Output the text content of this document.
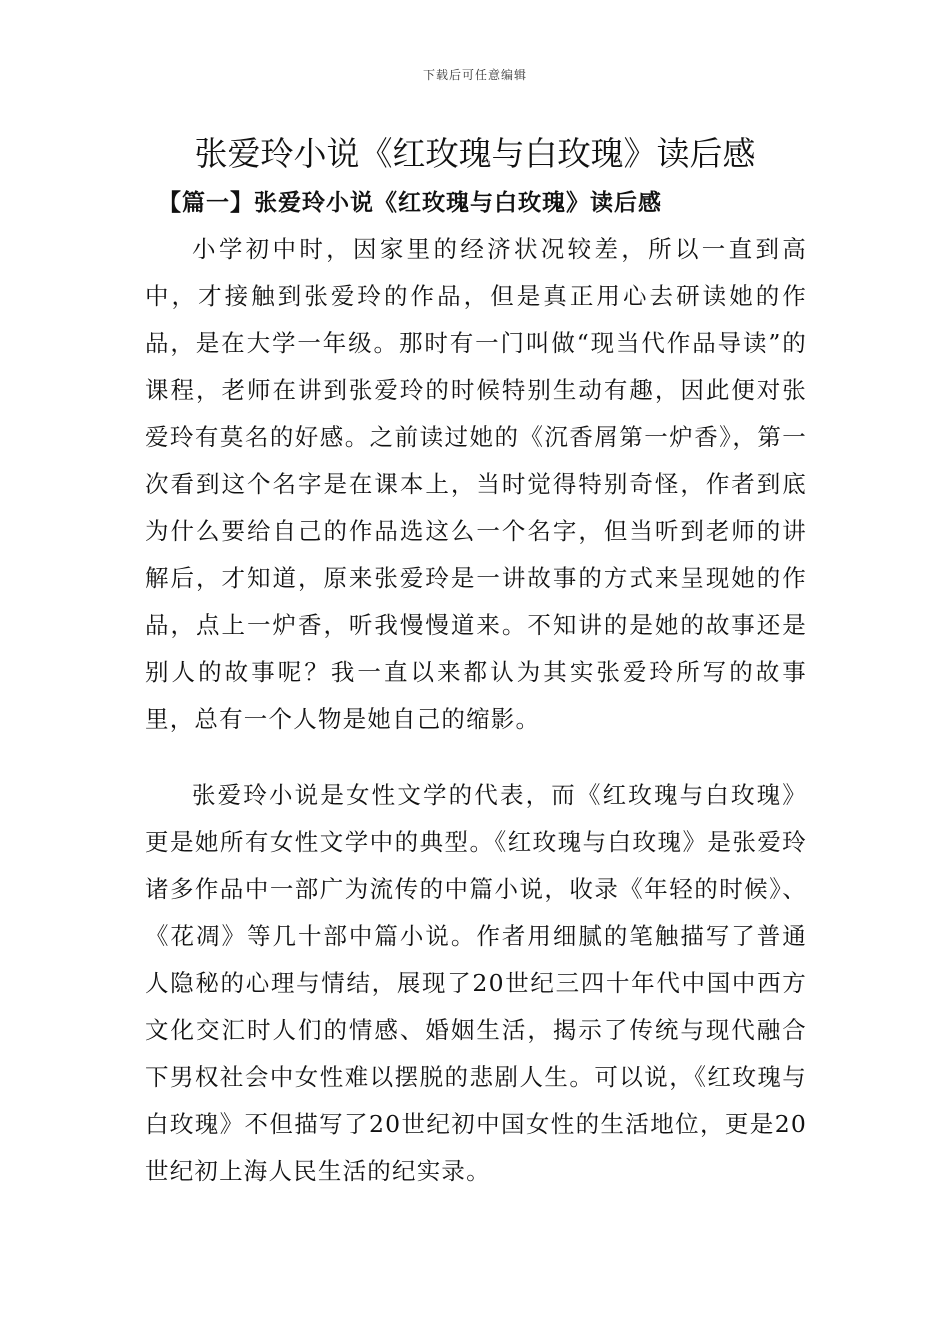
下载后可任意编辑
张爱玲小说《红玫瑰与白玫瑰》读后感
【篇一】张爱玲小说《红玫瑰与白玫瑰》读后感

小学初中时，因家里的经济状况较差，所以一直到高中，才接触到张爱玲的作品，但是真正用心去研读她的作品，是在大学一年级。那时有一门叫做“现当代作品导读”的课程，老师在讲到张爱玲的时候特别生动有趣，因此便对张爱玲有莫名的好感。之前读过她的《沉香屑第一炉香》，第一次看到这个名字是在课本上，当时觉得特别奇怪，作者到底为什么要给自己的作品选这么一个名字，但当听到老师的讲解后，才知道，原来张爱玲是一讲故事的方式来呈现她的作品，点上一炉香，听我慢慢道来。不知讲的是她的故事还是别人的故事呢？我一直以来都认为其实张爱玲所写的故事里，总有一个人物是她自己的缩影。

张爱玲小说是女性文学的代表，而《红玫瑰与白玫瑰》更是她所有女性文学中的典型。《红玫瑰与白玫瑰》是张爱玲诸多作品中一部广为流传的中篇小说，收录《年轻的时候》、《花凋》等几十部中篇小说。作者用细腻的笔触描写了普通人隐秘的心理与情结，展现了20世纪三四十年代中国中西方文化交汇时人们的情感、婚姻生活，揭示了传统与现代融合下男权社会中女性难以摆脱的悲剧人生。可以说，《红玫瑰与白玫瑰》不但描写了20世纪初中国女性的生活地位，更是20世纪初上海人民生活的纪实录。
